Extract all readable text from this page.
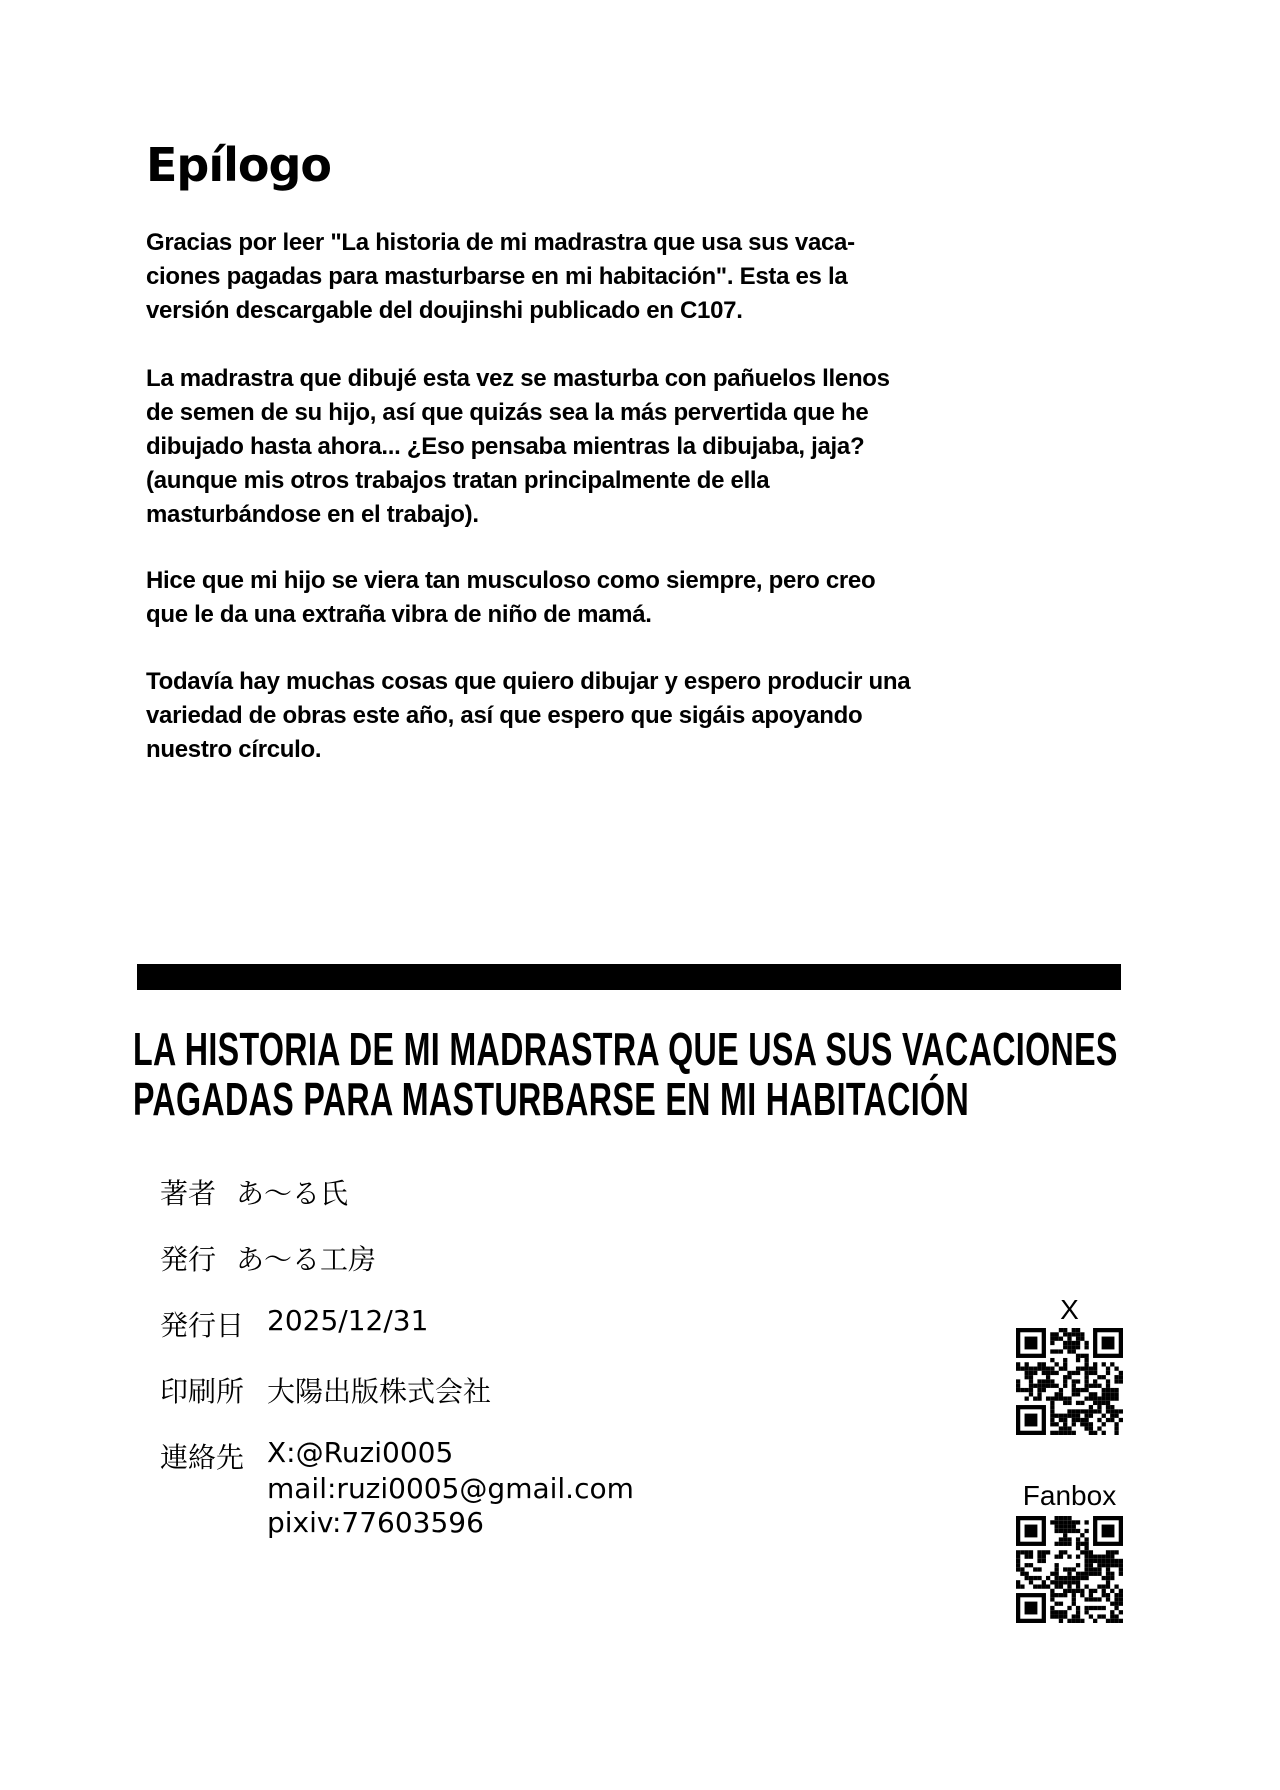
Epílogo
Gracias por leer "La historia de mi madrastra que usa sus vaca-
ciones pagadas para masturbarse en mi habitación". Esta es la
versión descargable del doujinshi publicado en C107.
La madrastra que dibujé esta vez se masturba con pañuelos llenos
de semen de su hijo, así que quizás sea la más pervertida que he
dibujado hasta ahora... ¿Eso pensaba mientras la dibujaba, jaja?
(aunque mis otros trabajos tratan principalmente de ella
masturbándose en el trabajo).
Hice que mi hijo se viera tan musculoso como siempre, pero creo
que le da una extraña vibra de niño de mamá.
Todavía hay muchas cosas que quiero dibujar y espero producir una
variedad de obras este año, así que espero que sigáis apoyando
nuestro círculo.
LA HISTORIA DE MI MADRASTRA QUE USA SUS VACACIONES
PAGADAS PARA MASTURBARSE EN MI HABITACIÓN
著者 あ～る氏
発行 あ～る工房
発行日 2025/12/31
印刷所 大陽出版株式会社
連絡先 X:@Ruzi0005
mail:ruzi0005@gmail.com
pixiv:77603596
X
Fanbox
